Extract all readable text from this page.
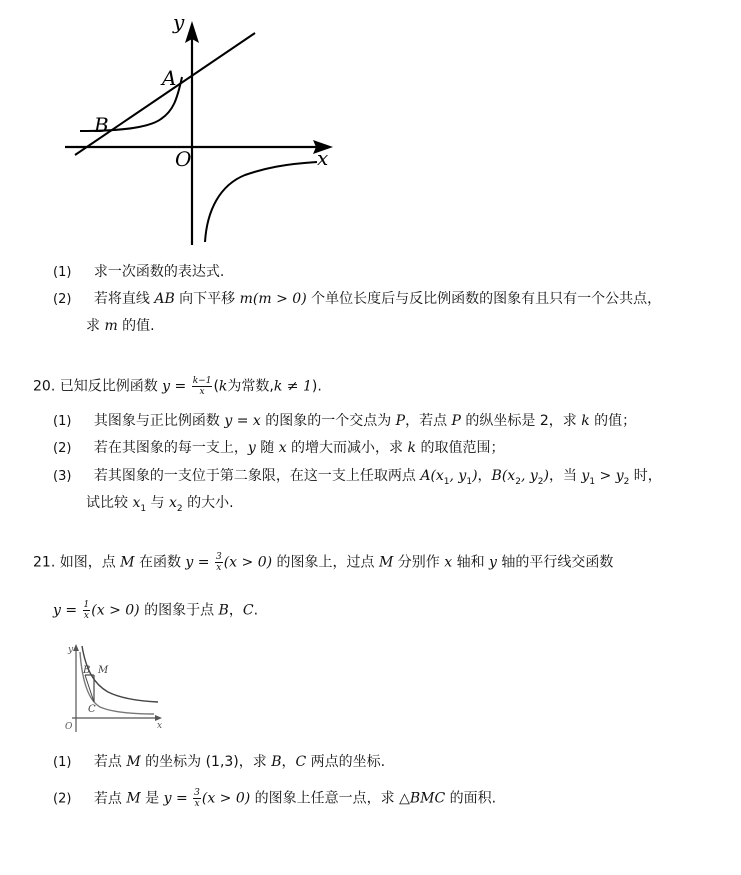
y
x
O
A
B
(1) 求一次函数的表达式.
(2) 若将直线 AB 向下平移 m(m > 0) 个单位长度后与反比例函数的图象有且只有一个公共点，
求 m 的值.
20. 已知反比例函数 $y = \frac{k-1}{x} (k$为常数,k ≠ 1).
(1) 其图象与正比例函数 y = x 的图象的一个交点为 P，若点 P 的纵坐标是 2，求 k 的值；
(2) 若在其图象的每一支上，y 随 x 的增大而减小，求 k 的取值范围；
(3) 若其图象的一支位于第二象限，在这一支上任取两点 $A(x_1$, $y_1$)，$B(x_2$, $y_2$)，当 $y_1 > y_2$ 时，
试比较 $x_1$ 与 $x_2$ 的大小.
21. 如图，点 M 在函数 $y = \frac{3}{x} (x > 0)$ 的图象上，过点 M 分别作 x 轴和 y 轴的平行线交函数
$y = \frac{1}{x} (x > 0)$ 的图象于点 B，C.
y
x
O
B M
C
(1) 若点 M 的坐标为 (1,3)，求 B，C 两点的坐标.
(2) 若点 M 是 $y = \frac{3}{x} (x > 0)$ 的图象上任意一点，求 △BMC 的面积.
